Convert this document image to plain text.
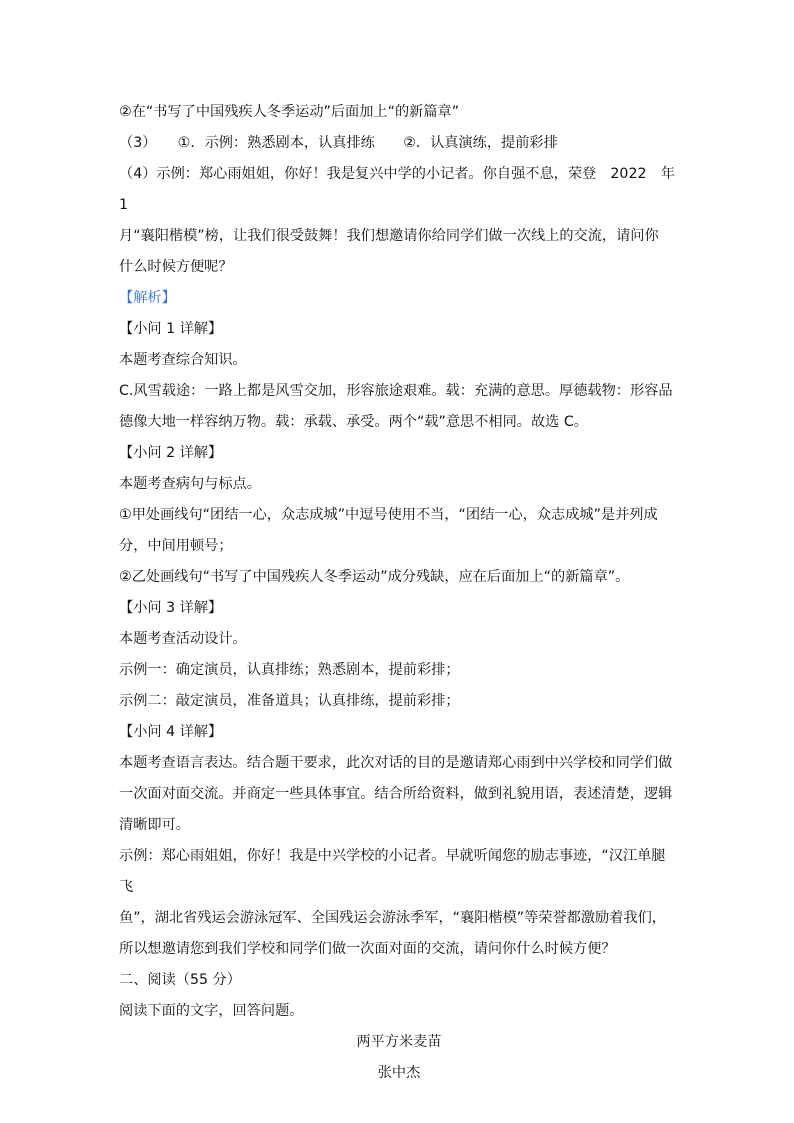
②在“书写了中国残疾人冬季运动”后面加上“的新篇章”

（3）　　①．示例：熟悉剧本，认真排练　　②．认真演练，提前彩排

（4）示例：郑心雨姐姐，你好！我是复兴中学的小记者。你自强不息，荣登　2022　年　1

月“襄阳楷模”榜，让我们很受鼓舞！我们想邀请你给同学们做一次线上的交流，请问你

什么时候方便呢？

【解析】

【小问 1 详解】

本题考查综合知识。

C.风雪载途：一路上都是风雪交加，形容旅途艰难。载：充满的意思。厚德载物：形容品

德像大地一样容纳万物。载：承载、承受。两个“载”意思不相同。故选 C。

【小问 2 详解】

本题考查病句与标点。

①甲处画线句“团结一心，众志成城”中逗号使用不当，“团结一心，众志成城”是并列成

分，中间用顿号；

②乙处画线句“书写了中国残疾人冬季运动”成分残缺，应在后面加上“的新篇章”。

【小问 3 详解】

本题考查活动设计。

示例一：确定演员，认真排练；熟悉剧本，提前彩排；

示例二：敲定演员，准备道具；认真排练，提前彩排；

【小问 4 详解】

本题考查语言表达。结合题干要求，此次对话的目的是邀请郑心雨到中兴学校和同学们做

一次面对面交流。并商定一些具体事宜。结合所给资料，做到礼貌用语，表述清楚，逻辑

清晰即可。

示例：郑心雨姐姐，你好！我是中兴学校的小记者。早就听闻您的励志事迹，“汉江单腿飞

鱼”，湖北省残运会游泳冠军、全国残运会游泳季军，“襄阳楷模”等荣誉都激励着我们，

所以想邀请您到我们学校和同学们做一次面对面的交流，请问你什么时候方便？

二、阅读（55 分）

阅读下面的文字，回答问题。

两平方米麦苗

张中杰
